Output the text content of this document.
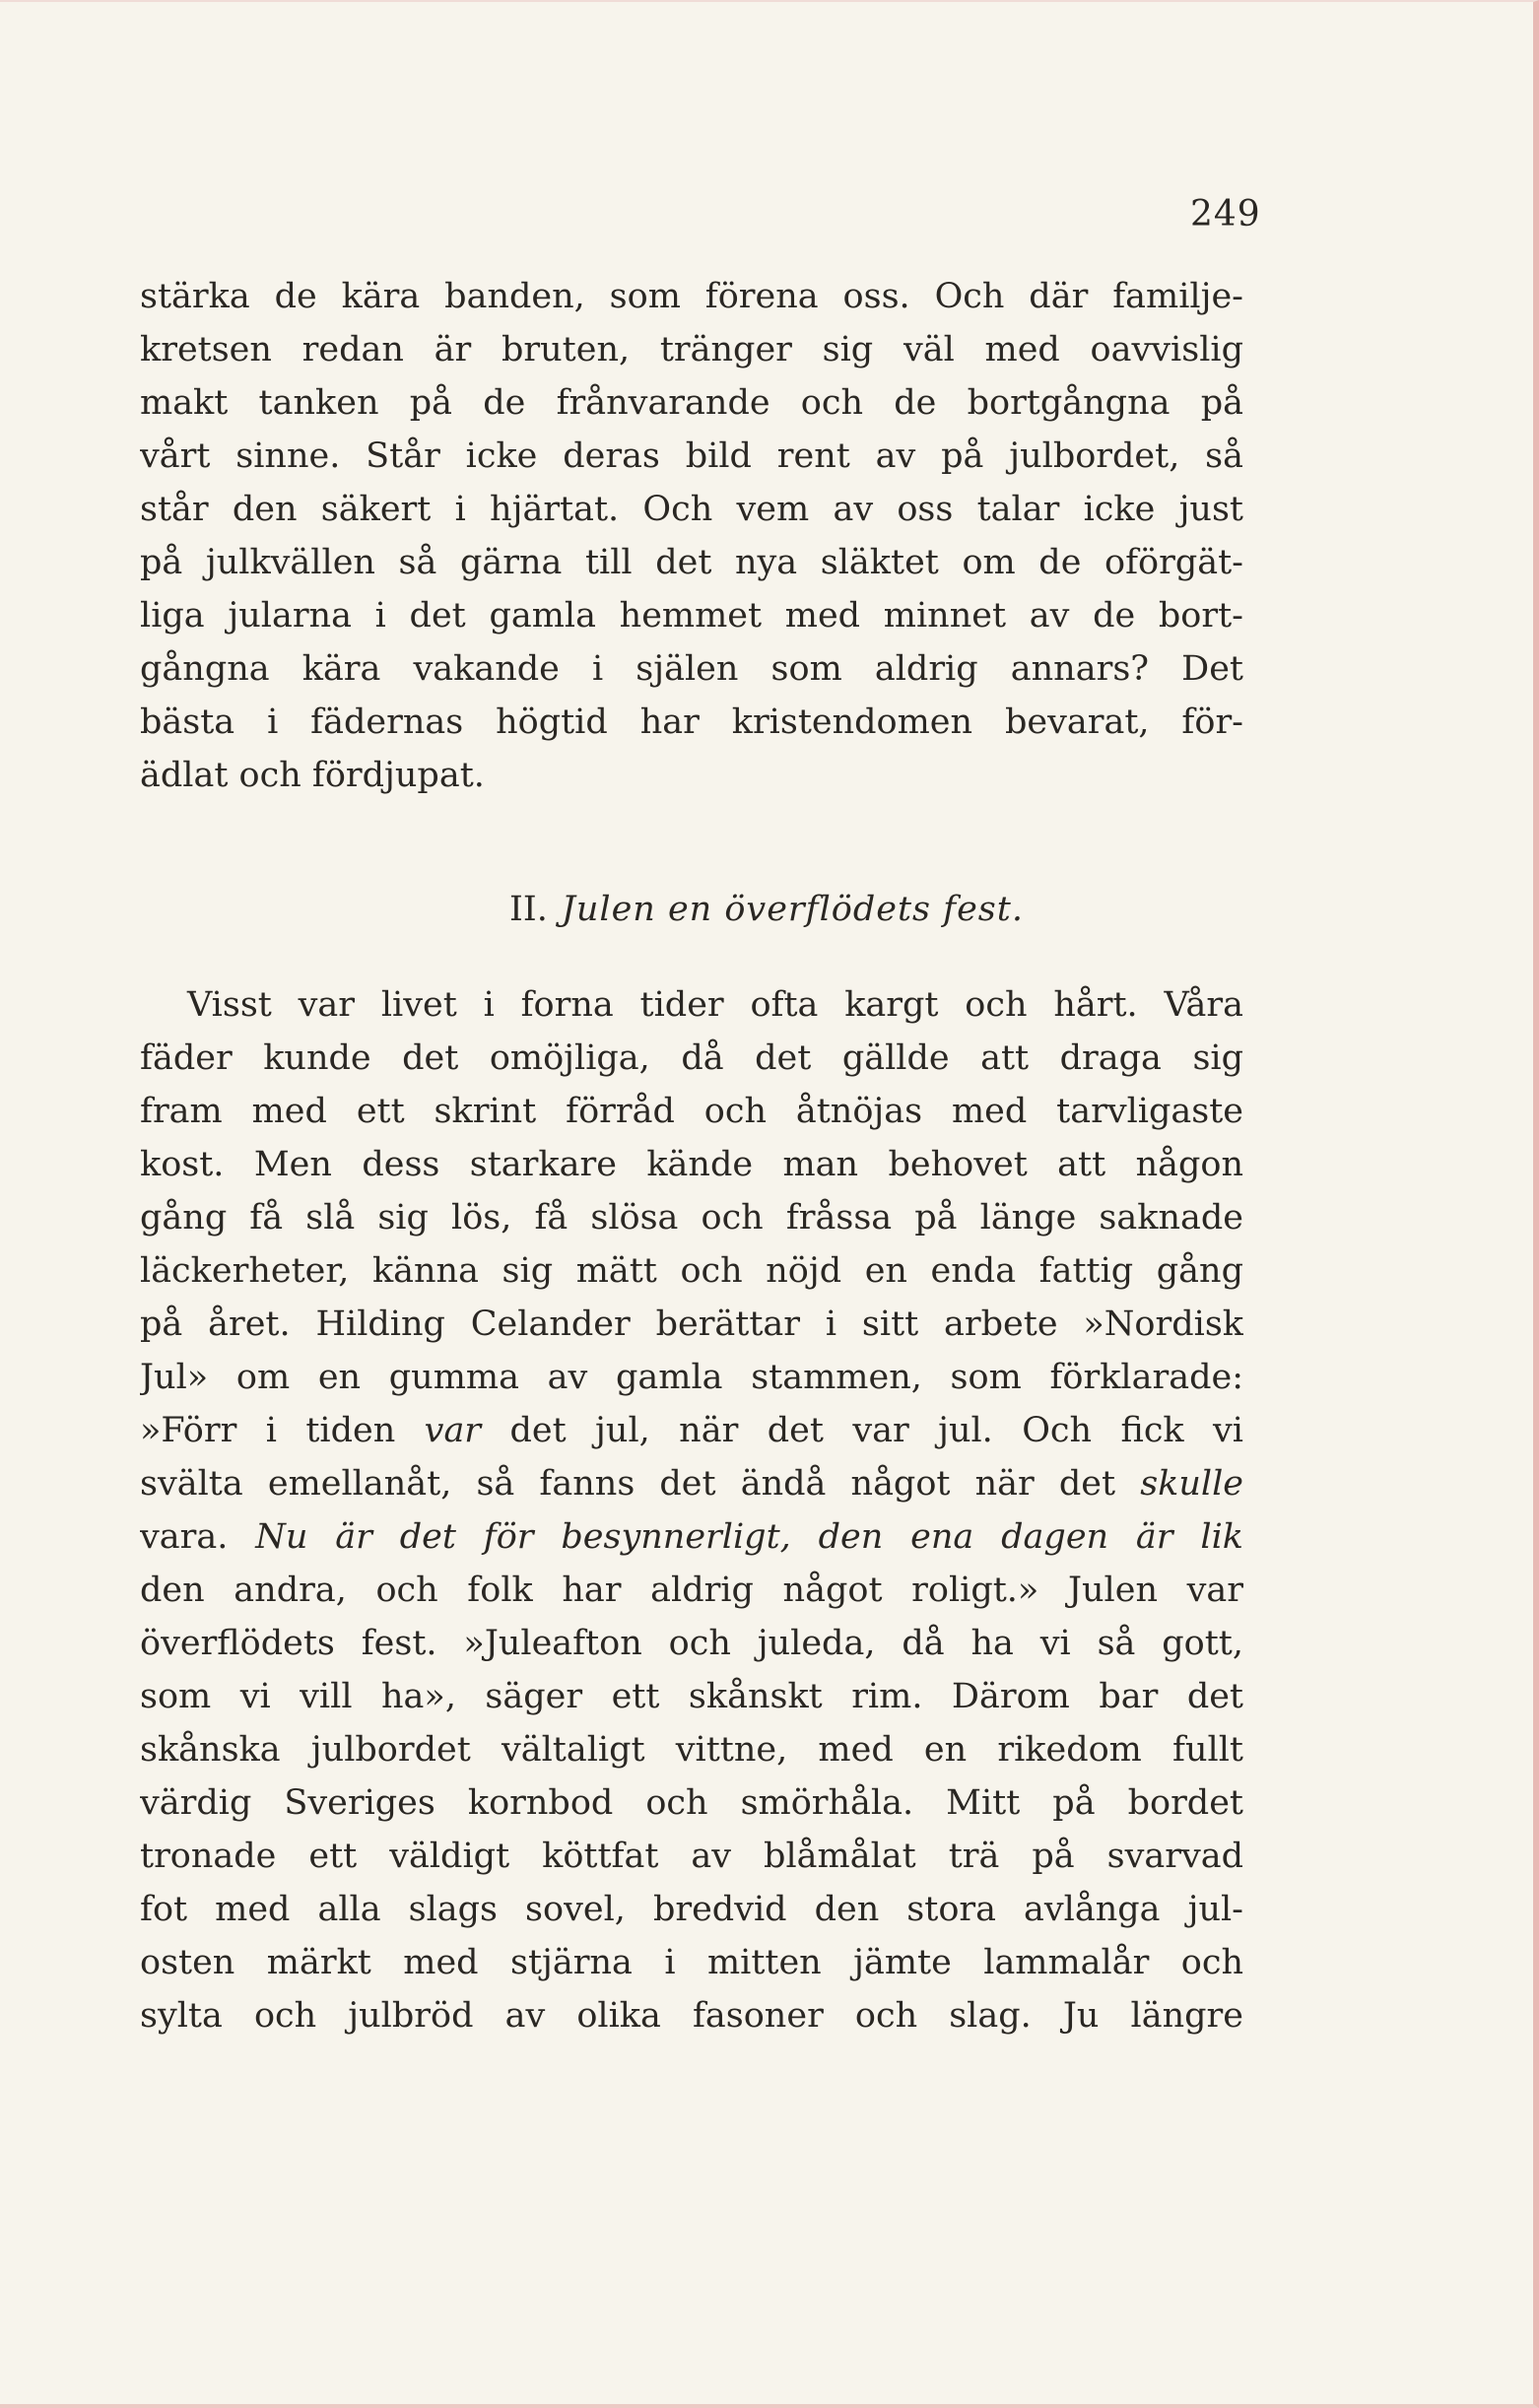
249
stärka de kära banden, som förena oss. Och där familje-
kretsen redan är bruten, tränger sig väl med oavvislig
makt tanken på de frånvarande och de bortgångna på
vårt sinne. Står icke deras bild rent av på julbordet, så
står den säkert i hjärtat. Och vem av oss talar icke just
på julkvällen så gärna till det nya släktet om de oförgät-
liga jularna i det gamla hemmet med minnet av de bort-
gångna kära vakande i själen som aldrig annars? Det
bästa i fädernas högtid har kristendomen bevarat, för-
ädlat och fördjupat.
II. Julen en överflödets fest.
Visst var livet i forna tider ofta kargt och hårt. Våra
fäder kunde det omöjliga, då det gällde att draga sig
fram med ett skrint förråd och åtnöjas med tarvligaste
kost. Men dess starkare kände man behovet att någon
gång få slå sig lös, få slösa och fråssa på länge saknade
läckerheter, känna sig mätt och nöjd en enda fattig gång
på året. Hilding Celander berättar i sitt arbete »Nordisk
Jul» om en gumma av gamla stammen, som förklarade:
»Förr i tiden var det jul, när det var jul. Och fick vi
svälta emellanåt, så fanns det ändå något när det skulle
vara. Nu är det för besynnerligt, den ena dagen är lik
den andra, och folk har aldrig något roligt.» Julen var
överflödets fest. »Juleafton och juleda, då ha vi så gott,
som vi vill ha», säger ett skånskt rim. Därom bar det
skånska julbordet vältaligt vittne, med en rikedom fullt
värdig Sveriges kornbod och smörhåla. Mitt på bordet
tronade ett väldigt köttfat av blåmålat trä på svarvad
fot med alla slags sovel, bredvid den stora avlånga jul-
osten märkt med stjärna i mitten jämte lammalår och
sylta och julbröd av olika fasoner och slag. Ju längre
